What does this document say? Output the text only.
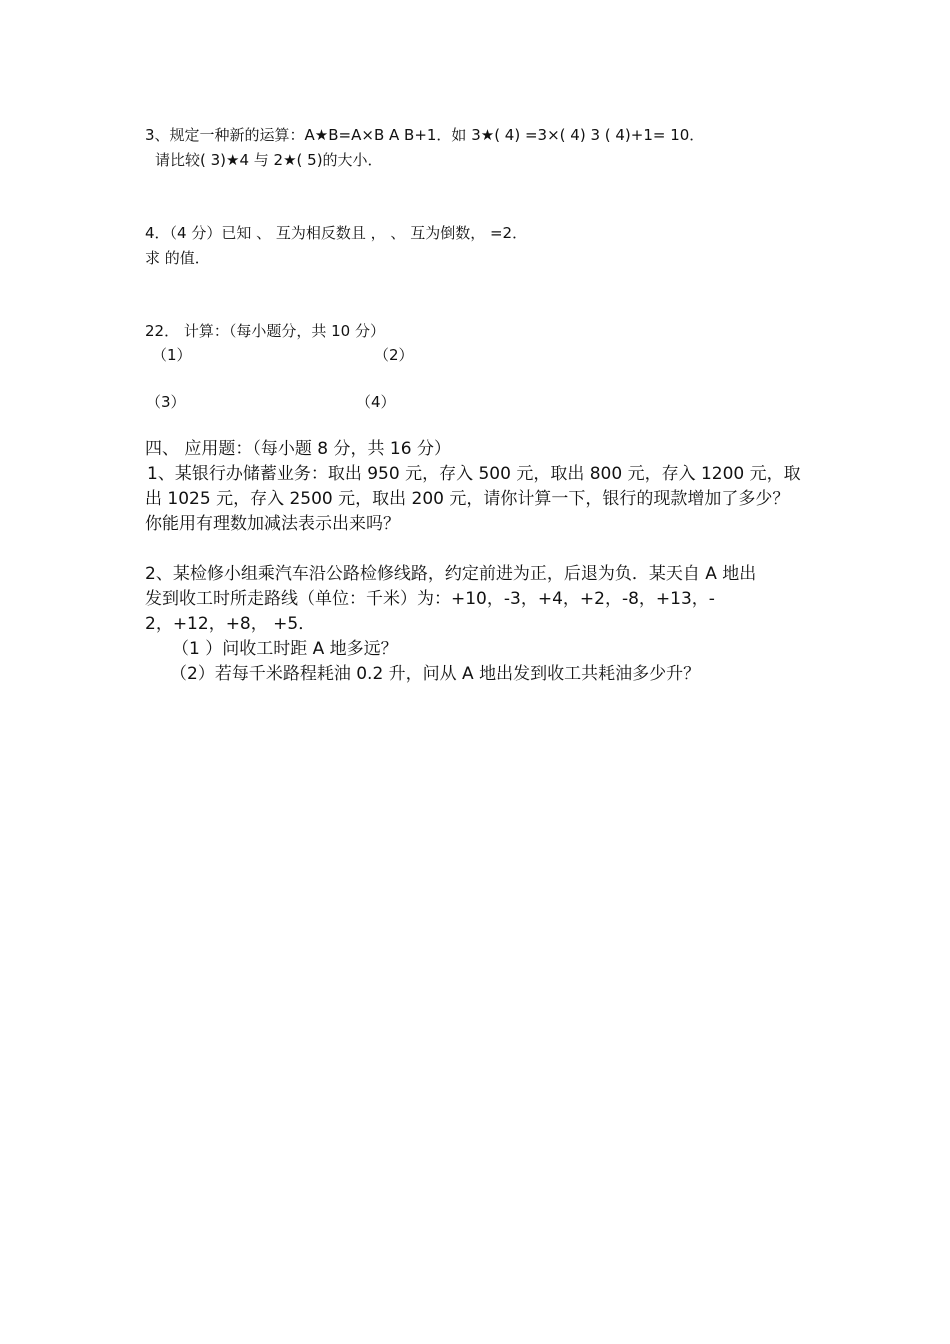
3、规定一种新的运算：A★B=A×B A B+1．如 3★( 4) =3×( 4) 3 ( 4)+1= 10．
请比较( 3)★4 与 2★( 5)的大小．
4．（4 分）已知 、 互为相反数且 ， 、 互为倒数， =2．
求 的值．
22． 计算：（每小题分，共 10 分）
（1）	（2）
（3）	（4）
四、 应用题：（每小题 8 分，共 16 分）
1、某银行办储蓄业务：取出 950 元，存入 500 元，取出 800 元，存入 1200 元，取
出 1025 元，存入 2500 元，取出 200 元，请你计算一下，银行的现款增加了多少？
你能用有理数加减法表示出来吗？
2、某检修小组乘汽车沿公路检修线路，约定前进为正，后退为负．某天自 A 地出
发到收工时所走路线（单位：千米）为：+10，-3，+4，+2，-8，+13，-
2，+12，+8， +5．
（1 ）问收工时距 A 地多远？
（2）若每千米路程耗油 0.2 升，问从 A 地出发到收工共耗油多少升？
